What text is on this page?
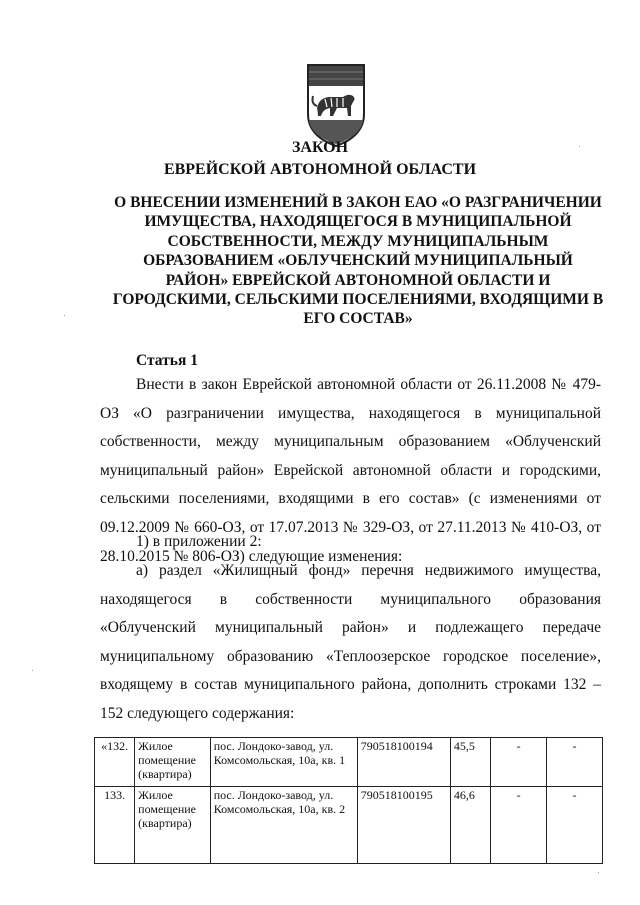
ЗАКОН
ЕВРЕЙСКОЙ АВТОНОМНОЙ ОБЛАСТИ
О ВНЕСЕНИИ ИЗМЕНЕНИЙ В ЗАКОН ЕАО «О РАЗГРАНИЧЕНИИ ИМУЩЕСТВА, НАХОДЯЩЕГОСЯ В МУНИЦИПАЛЬНОЙ СОБСТВЕННОСТИ, МЕЖДУ МУНИЦИПАЛЬНЫМ ОБРАЗОВАНИЕМ «ОБЛУЧЕНСКИЙ МУНИЦИПАЛЬНЫЙ РАЙОН» ЕВРЕЙСКОЙ АВТОНОМНОЙ ОБЛАСТИ И ГОРОДСКИМИ, СЕЛЬСКИМИ ПОСЕЛЕНИЯМИ, ВХОДЯЩИМИ В ЕГО СОСТАВ»
Статья 1

Внести в закон Еврейской автономной области от 26.11.2008 № 479-ОЗ «О разграничении имущества, находящегося в муниципальной собственности, между муниципальным образованием «Облученский муниципальный район» Еврейской автономной области и городскими, сельскими поселениями, входящими в его состав» (с изменениями от 09.12.2009 № 660-ОЗ, от 17.07.2013 № 329-ОЗ, от 27.11.2013 № 410-ОЗ, от 28.10.2015 № 806-ОЗ) следующие изменения:

1) в приложении 2:

а) раздел «Жилищный фонд» перечня недвижимого имущества, находящегося в собственности муниципального образования «Облученский муниципальный район» и подлежащего передаче муниципальному образованию «Теплоозерское городское поселение», входящему в состав муниципального района, дополнить строками 132 – 152 следующего содержания:

«132.	Жилое помещение (квартира)	пос. Лондоко-завод, ул. Комсомольская, 10а, кв. 1	790518100194	45,5	-	-
133.	Жилое помещение (квартира)	пос. Лондоко-завод, ул. Комсомольская, 10а, кв. 2	790518100195	46,6	-	-
